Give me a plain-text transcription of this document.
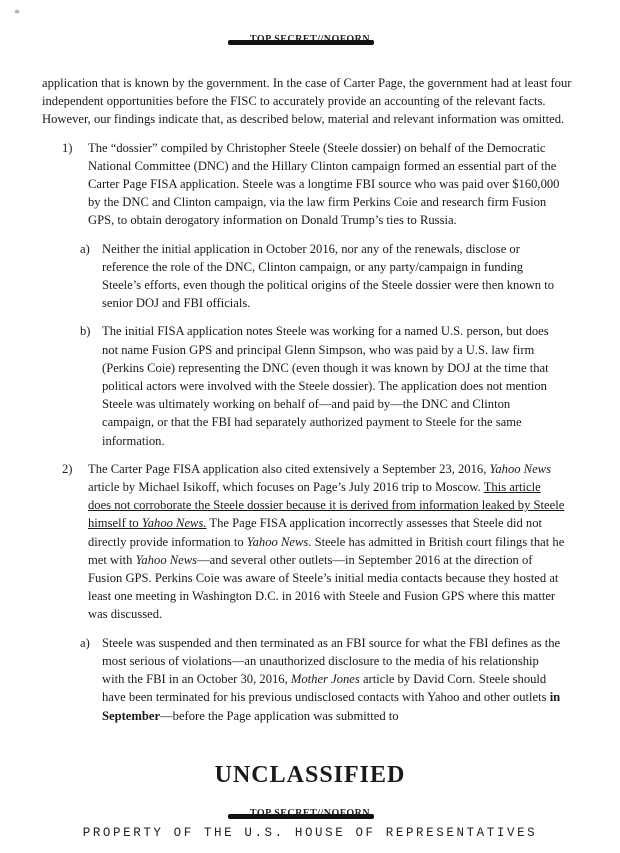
*

application that is known by the government. In the case of Carter Page, the government had at least four independent opportunities before the FISC to accurately provide an accounting of the relevant facts. However, our findings indicate that, as described below, material and relevant information was omitted.

1)	The “dossier” compiled by Christopher Steele (Steele dossier) on behalf of the Democratic National Committee (DNC) and the Hillary Clinton campaign formed an essential part of the Carter Page FISA application. Steele was a longtime FBI source who was paid over $160,000 by the DNC and Clinton campaign, via the law firm Perkins Coie and research firm Fusion GPS, to obtain derogatory information on Donald Trump’s ties to Russia.

a) Neither the initial application in October 2016, nor any of the renewals, disclose or reference the role of the DNC, Clinton campaign, or any party/campaign in funding Steele’s efforts, even though the political origins of the Steele dossier were then known to senior DOJ and FBI officials.

b) The initial FISA application notes Steele was working for a named U.S. person, but does not name Fusion GPS and principal Glenn Simpson, who was paid by a U.S. law firm (Perkins Coie) representing the DNC (even though it was known by DOJ at the time that political actors were involved with the Steele dossier). The application does not mention Steele was ultimately working on behalf of—and paid by—the DNC and Clinton campaign, or that the FBI had separately authorized payment to Steele for the same information.

2)	The Carter Page FISA application also cited extensively a September 23, 2016, Yahoo News article by Michael Isikoff, which focuses on Page’s July 2016 trip to Moscow. This article does not corroborate the Steele dossier because it is derived from information leaked by Steele himself to Yahoo News. The Page FISA application incorrectly assesses that Steele did not directly provide information to Yahoo News. Steele has admitted in British court filings that he met with Yahoo News—and several other outlets—in September 2016 at the direction of Fusion GPS. Perkins Coie was aware of Steele’s initial media contacts because they hosted at least one meeting in Washington D.C. in 2016 with Steele and Fusion GPS where this matter was discussed.

a) Steele was suspended and then terminated as an FBI source for what the FBI defines as the most serious of violations—an unauthorized disclosure to the media of his relationship with the FBI in an October 30, 2016, Mother Jones article by David Corn. Steele should have been terminated for his previous undisclosed contacts with Yahoo and other outlets in September—before the Page application was submitted to

UNCLASSIFIED
PROPERTY OF THE U.S. HOUSE OF REPRESENTATIVES
